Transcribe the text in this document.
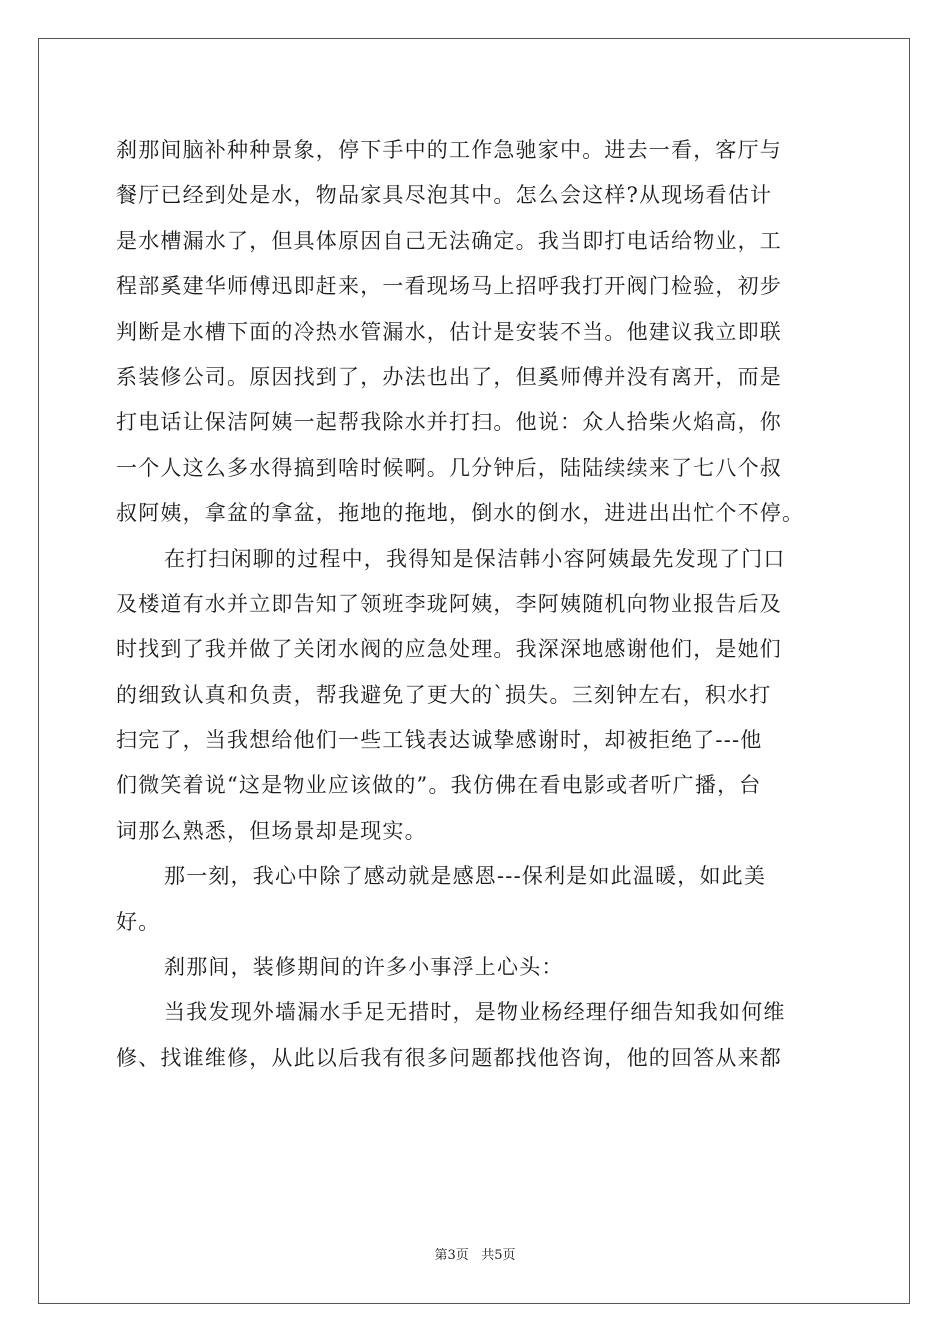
刹那间脑补种种景象，停下手中的工作急驰家中。进去一看，客厅与
餐厅已经到处是水，物品家具尽泡其中。怎么会这样?从现场看估计
是水槽漏水了，但具体原因自己无法确定。我当即打电话给物业，工
程部奚建华师傅迅即赶来，一看现场马上招呼我打开阀门检验，初步
判断是水槽下面的冷热水管漏水，估计是安装不当。他建议我立即联
系装修公司。原因找到了，办法也出了，但奚师傅并没有离开，而是
打电话让保洁阿姨一起帮我除水并打扫。他说：众人拾柴火焰高，你
一个人这么多水得搞到啥时候啊。几分钟后，陆陆续续来了七八个叔
叔阿姨，拿盆的拿盆，拖地的拖地，倒水的倒水，进进出出忙个不停。
在打扫闲聊的过程中，我得知是保洁韩小容阿姨最先发现了门口
及楼道有水并立即告知了领班李珑阿姨，李阿姨随机向物业报告后及
时找到了我并做了关闭水阀的应急处理。我深深地感谢他们，是她们
的细致认真和负责，帮我避免了更大的`损失。三刻钟左右，积水打
扫完了，当我想给他们一些工钱表达诚挚感谢时，却被拒绝了---他
们微笑着说“这是物业应该做的”。我仿佛在看电影或者听广播，台
词那么熟悉，但场景却是现实。
那一刻，我心中除了感动就是感恩---保利是如此温暖，如此美
好。
刹那间，装修期间的许多小事浮上心头：
当我发现外墙漏水手足无措时，是物业杨经理仔细告知我如何维
修、找谁维修，从此以后我有很多问题都找他咨询，他的回答从来都
第3页 共5页
